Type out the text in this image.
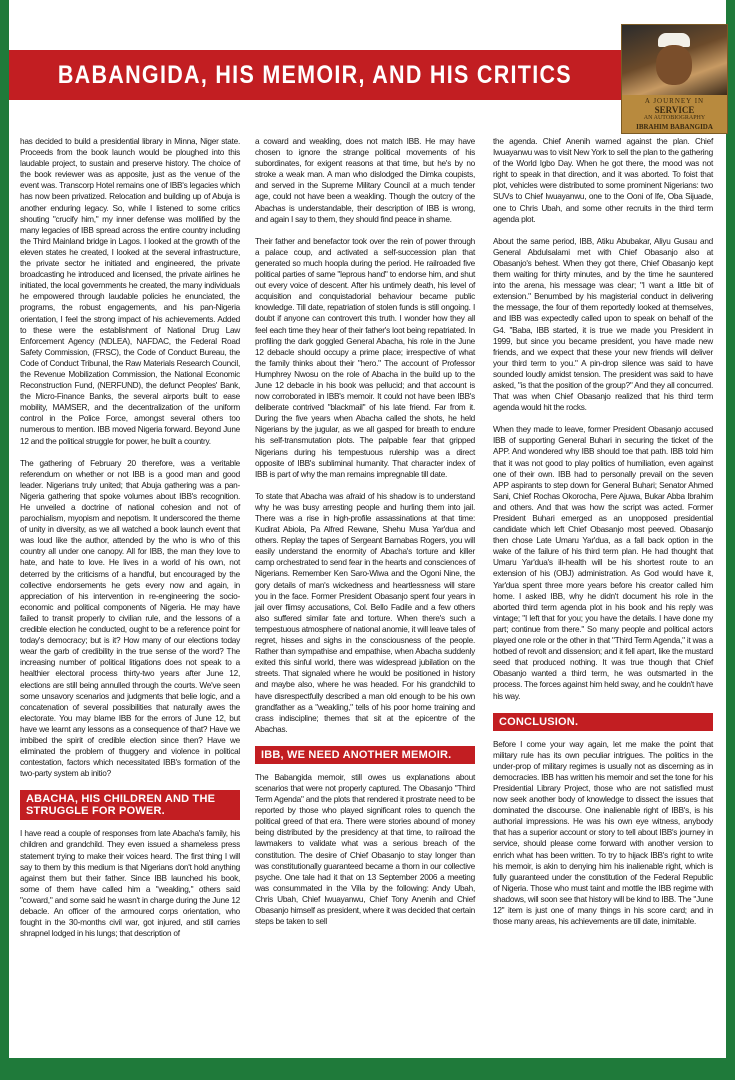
BABANGIDA, HIS MEMOIR, AND HIS CRITICS
A JOURNEY IN
SERVICE
AN AUTOBIOGRAPHY
IBRAHIM BABANGIDA

has decided to build a presidential library in Minna, Niger state. Proceeds from the book launch would be ploughed into this laudable project, to sustain and preserve history. The choice of the book reviewer was as apposite, just as the venue of the event was. Transcorp Hotel remains one of IBB's legacies which has now been privatized. Relocation and building up of Abuja is another enduring legacy. So, while I listened to some critics shouting "crucify him," my inner defense was mollified by the many legacies of IBB spread across the entire country including the Third Mainland bridge in Lagos. I looked at the growth of the eleven states he created, I looked at the several infrastructure, the private sector he initiated and engineered, the private broadcasting he introduced and licensed, the private airlines he initiated, the local governments he created, the many individuals he empowered through laudable policies he enunciated, the programs, the robust engagements, and his pan-Nigeria orientation, I feel the strong impact of his achievements. Added to these were the establishment of National Drug Law Enforcement Agency (NDLEA), NAFDAC, the Federal Road Safety Commission, (FRSC), the Code of Conduct Bureau, the Code of Conduct Tribunal, the Raw Materials Research Council, the Revenue Mobilization Commission, the National Economic Reconstruction Fund, (NERFUND), the defunct Peoples' Bank, the Micro-Finance Banks, the several airports built to ease mobility, MAMSER, and the decentralization of the uniform control in the Police Force, amongst several others too numerous to mention. IBB moved Nigeria forward. Beyond June 12 and the political struggle for power, he built a country.

The gathering of February 20 therefore, was a veritable referendum on whether or not IBB is a good man and good leader. Nigerians truly united; that Abuja gathering was a pan-Nigeria gathering that spoke volumes about IBB's recognition. He unveiled a doctrine of national cohesion and not of parochialism, myopism and nepotism. It underscored the theme of unity in diversity, as we all watched a book launch event that was loud like the author, attended by the who is who of this country all under one canopy. All for IBB, the man they love to hate, and hate to love. He lives in a world of his own, not deterred by the criticisms of a handful, but encouraged by the collective endorsements he gets every now and again, in appreciation of his intervention in re-engineering the socio-economic and political components of Nigeria. He may have failed to transit properly to civilian rule, and the lessons of a credible election he conducted, ought to be a reference point for today's democracy; but is it? How many of our elections today wear the garb of credibility in the true sense of the word? The increasing number of political litigations does not speak to a healthier electoral process thirty-two years after June 12, elections are still being annulled through the courts. We've seen some unsavory scenarios and judgments that belie logic, and a concatenation of several possibilities that naturally awes the electorate. You may blame IBB for the errors of June 12, but have we learnt any lessons as a consequence of that? Have we imbibed the spirit of credible election since then? Have we eliminated the problem of thuggery and violence in political contestation, factors which necessitated IBB's formation of the two-party system ab initio?

ABACHA, HIS CHILDREN AND THE STRUGGLE FOR POWER.

I have read a couple of responses from late Abacha's family, his children and grandchild. They even issued a shameless press statement trying to make their voices heard. The first thing I will say to them by this medium is that Nigerians don't hold anything against them but their father. Since IBB launched his book, some of them have called him a "weakling," others said "coward," and some said he wasn't in charge during the June 12 debacle. An officer of the armoured corps orientation, who fought in the 30-months civil war, got injured, and still carries shrapnel lodged in his lungs; that description of

a coward and weakling, does not match IBB. He may have chosen to ignore the strange political movements of his subordinates, for exigent reasons at that time, but he's by no stroke a weak man. A man who dislodged the Dimka coupists, and served in the Supreme Military Council at a much tender age, could not have been a weakling. Though the outcry of the Abachas is understandable, their description of IBB is wrong, and again I say to them, they should find peace in shame.

Their father and benefactor took over the rein of power through a palace coup, and activated a self-succession plan that generated so much hoopla during the period. He railroaded five political parties of same "leprous hand" to endorse him, and shut out every voice of descent. After his untimely death, his level of acquisition and conquistadorial behaviour became public knowledge. Till date, repatriation of stolen funds is still ongoing. I doubt if anyone can controvert this truth. I wonder how they all feel each time they hear of their father's loot being repatriated. In profiling the dark goggled General Abacha, his role in the June 12 debacle should occupy a prime place; irrespective of what the family thinks about their "hero." The account of Professor Humphrey Nwosu on the role of Abacha in the build up to the June 12 debacle in his book was pellucid; and that account is now corroborated in IBB's memoir. It could not have been IBB's deliberate contrived "blackmail" of his late friend. Far from it. During the five years when Abacha called the shots, he held Nigerians by the jugular, as we all gasped for breath to endure his self-transmutation plots. The palpable fear that gripped Nigerians during his tempestuous rulership was a direct opposite of IBB's subliminal humanity. That character index of IBB is part of why the man remains impregnable till date.

To state that Abacha was afraid of his shadow is to understand why he was busy arresting people and hurling them into jail. There was a rise in high-profile assassinations at that time: Kudirat Abiola, Pa Alfred Rewane, Shehu Musa Yar'dua and others. Replay the tapes of Sergeant Barnabas Rogers, you will easily understand the enormity of Abacha's torture and killer camp orchestrated to send fear in the hearts and consciences of Nigerians. Remember Ken Saro-Wiwa and the Ogoni Nine, the gory details of man's wickedness and heartlessness will stare you in the face. Former President Obasanjo spent four years in jail over flimsy accusations, Col. Bello Fadile and a few others also suffered similar fate and torture. When there's such a tempestuous atmosphere of national anomie, it will leave tales of regret, hisses and sighs in the consciousness of the people. Rather than sympathise and empathise, when Abacha suddenly exited this sinful world, there was widespread jubilation on the streets. That signaled where he would be positioned in history and maybe also, where he was headed. For his grandchild to have disrespectfully described a man old enough to be his own grandfather as a "weakling," tells of his poor home training and crass indiscipline; themes that sit at the epicentre of the Abachas.

IBB, WE NEED ANOTHER MEMOIR.

The Babangida memoir, still owes us explanations about scenarios that were not properly captured. The Obasanjo "Third Term Agenda" and the plots that rendered it prostrate need to be reported by those who played significant roles to quench the political greed of that era. There were stories abound of money being distributed by the presidency at that time, to railroad the lawmakers to validate what was a serious breach of the constitution. The desire of Chief Obasanjo to stay longer than was constitutionally guaranteed became a thorn in our collective psyche. One tale had it that on 13 September 2006 a meeting was consummated in the Villa by the following: Andy Ubah, Chris Ubah, Chief Iwuayanwu, Chief Tony Anenih and Chief Obasanjo himself as president, where it was decided that certain steps be taken to sell

the agenda. Chief Anenih warned against the plan. Chief Iwuayanwu was to visit New York to sell the plan to the gathering of the World Igbo Day. When he got there, the mood was not right to speak in that direction, and it was aborted. To foist that plot, vehicles were distributed to some prominent Nigerians: two SUVs to Chief Iwuayanwu, one to the Ooni of Ife, Oba Sijuade, one to Chris Ubah, and some other recruits in the third term agenda plot.

About the same period, IBB, Atiku Abubakar, Aliyu Gusau and General Abdulsalami met with Chief Obasanjo also at Obasanjo's behest. When they got there, Chief Obasanjo kept them waiting for thirty minutes, and by the time he sauntered into the arena, his message was clear; "I want a little bit of extension." Benumbed by his magisterial conduct in delivering the message, the four of them reportedly looked at themselves, and IBB was expectedly called upon to speak on behalf of the G4. "Baba, IBB started, it is true we made you President in 1999, but since you became president, you have made new friends, and we expect that these your new friends will deliver your third term to you." A pin-drop silence was said to have sounded loudly amidst tension. The president was said to have asked, "is that the position of the group?" And they all concurred. That was when Chief Obasanjo realized that his third term agenda would hit the rocks.

When they made to leave, former President Obasanjo accused IBB of supporting General Buhari in securing the ticket of the APP. And wondered why IBB should toe that path. IBB told him that it was not good to play politics of humiliation, even against one of their own. IBB had to personally prevail on the seven APP aspirants to step down for General Buhari; Senator Ahmed Sani, Chief Rochas Okorocha, Pere Ajuwa, Bukar Abba Ibrahim and others. And that was how the script was acted. Former President Buhari emerged as an unopposed presidential candidate which left Chief Obasanjo most peeved. Obasanjo then chose Late Umaru Yar'dua, as a fall back option in the wake of the failure of his third term plan. He had thought that Umaru Yar'dua's ill-health will be his shortest route to an extension of his (OBJ) administration. As God would have it, Yar'dua spent three more years before his creator called him home. I asked IBB, why he didn't document his role in the aborted third term agenda plot in his book and his reply was vintage; "I left that for you; you have the details. I have done my part; continue from there." So many people and political actors played one role or the other in that "Third Term Agenda," it was a hotbed of revolt and dissension; and it fell apart, like the mustard seed that produced nothing. It was true though that Chief Obasanjo wanted a third term, he was outsmarted in the process. The forces against him held sway, and he couldn't have his way.

CONCLUSION.

Before I come your way again, let me make the point that military rule has its own peculiar intrigues. The politics in the under-prop of military regimes is usually not as discerning as in democracies. IBB has written his memoir and set the tone for his Presidential Library Project, those who are not satisfied must now seek another body of knowledge to dissect the issues that dominated the discourse. One inalienable right of IBB's, is his authorial impressions. He was his own eye witness, anybody that has a superior account or story to tell about IBB's journey in service, should please come forward with another version to enrich what has been written. To try to hijack IBB's right to write his memoir, is akin to denying him his inalienable right, which is fully guaranteed under the constitution of the Federal Republic of Nigeria. Those who must taint and mottle the IBB regime with shadows, will soon see that history will be kind to IBB. The "June 12" item is just one of many things in his score card; and in those many areas, his achievements are till date, inimitable.
